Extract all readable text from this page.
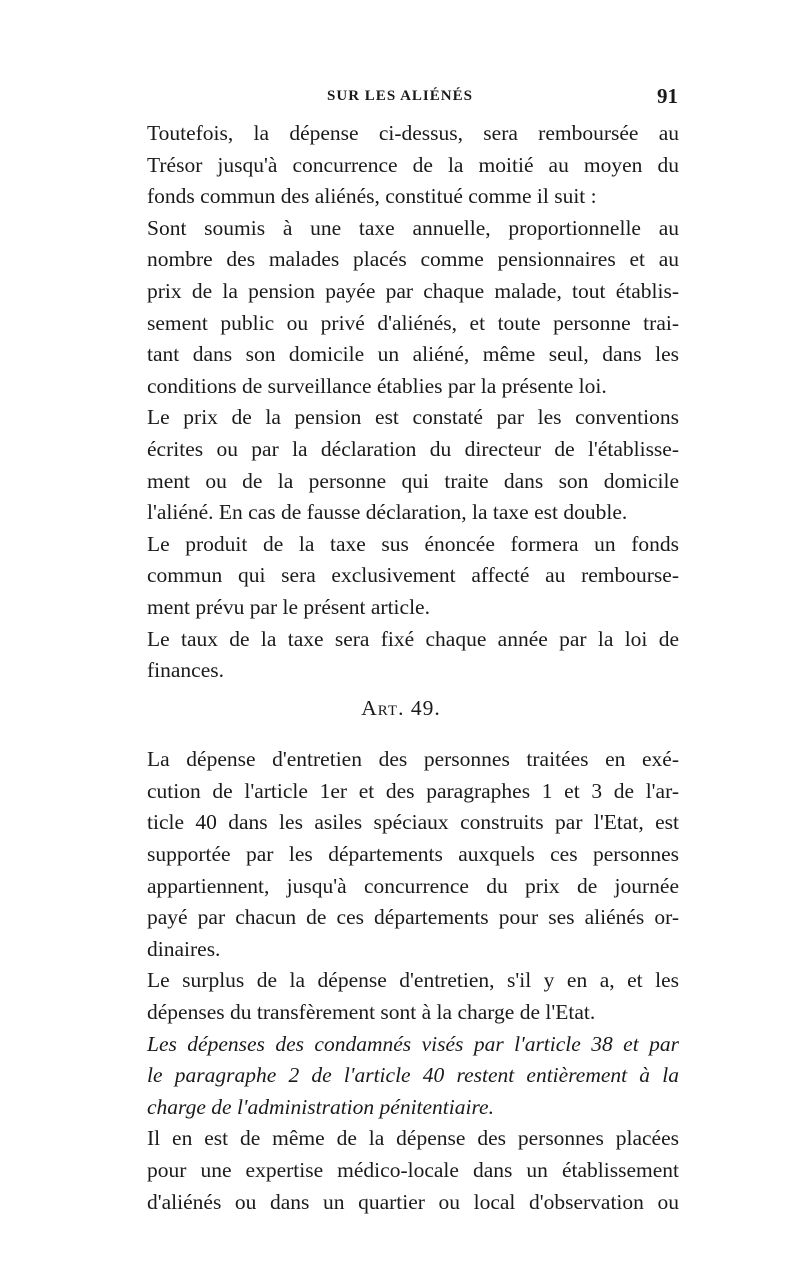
SUR LES ALIÉNÉS	91

Toutefois, la dépense ci-dessus, sera remboursée au
Trésor jusqu'à concurrence de la moitié au moyen du
fonds commun des aliénés, constitué comme il suit :

Sont soumis à une taxe annuelle, proportionnelle au
nombre des malades placés comme pensionnaires et au
prix de la pension payée par chaque malade, tout établis-
sement public ou privé d'aliénés, et toute personne trai-
tant dans son domicile un aliéné, même seul, dans les
conditions de surveillance établies par la présente loi.

Le prix de la pension est constaté par les conventions
écrites ou par la déclaration du directeur de l'établisse-
ment ou de la personne qui traite dans son domicile
l'aliéné. En cas de fausse déclaration, la taxe est double.

Le produit de la taxe sus énoncée formera un fonds
commun qui sera exclusivement affecté au rembourse-
ment prévu par le présent article.

Le taux de la taxe sera fixé chaque année par la loi de
finances.

Art. 49.

La dépense d'entretien des personnes traitées en exé-
cution de l'article 1er et des paragraphes 1 et 3 de l'ar-
ticle 40 dans les asiles spéciaux construits par l'Etat, est
supportée par les départements auxquels ces personnes
appartiennent, jusqu'à concurrence du prix de journée
payé par chacun de ces départements pour ses aliénés or-
dinaires.

Le surplus de la dépense d'entretien, s'il y en a, et les
dépenses du transfèrement sont à la charge de l'Etat.

Les dépenses des condamnés visés par l'article 38 et par
le paragraphe 2 de l'article 40 restent entièrement à la
charge de l'administration pénitentiaire.

Il en est de même de la dépense des personnes placées
pour une expertise médico-locale dans un établissement
d'aliénés ou dans un quartier ou local d'observation ou
